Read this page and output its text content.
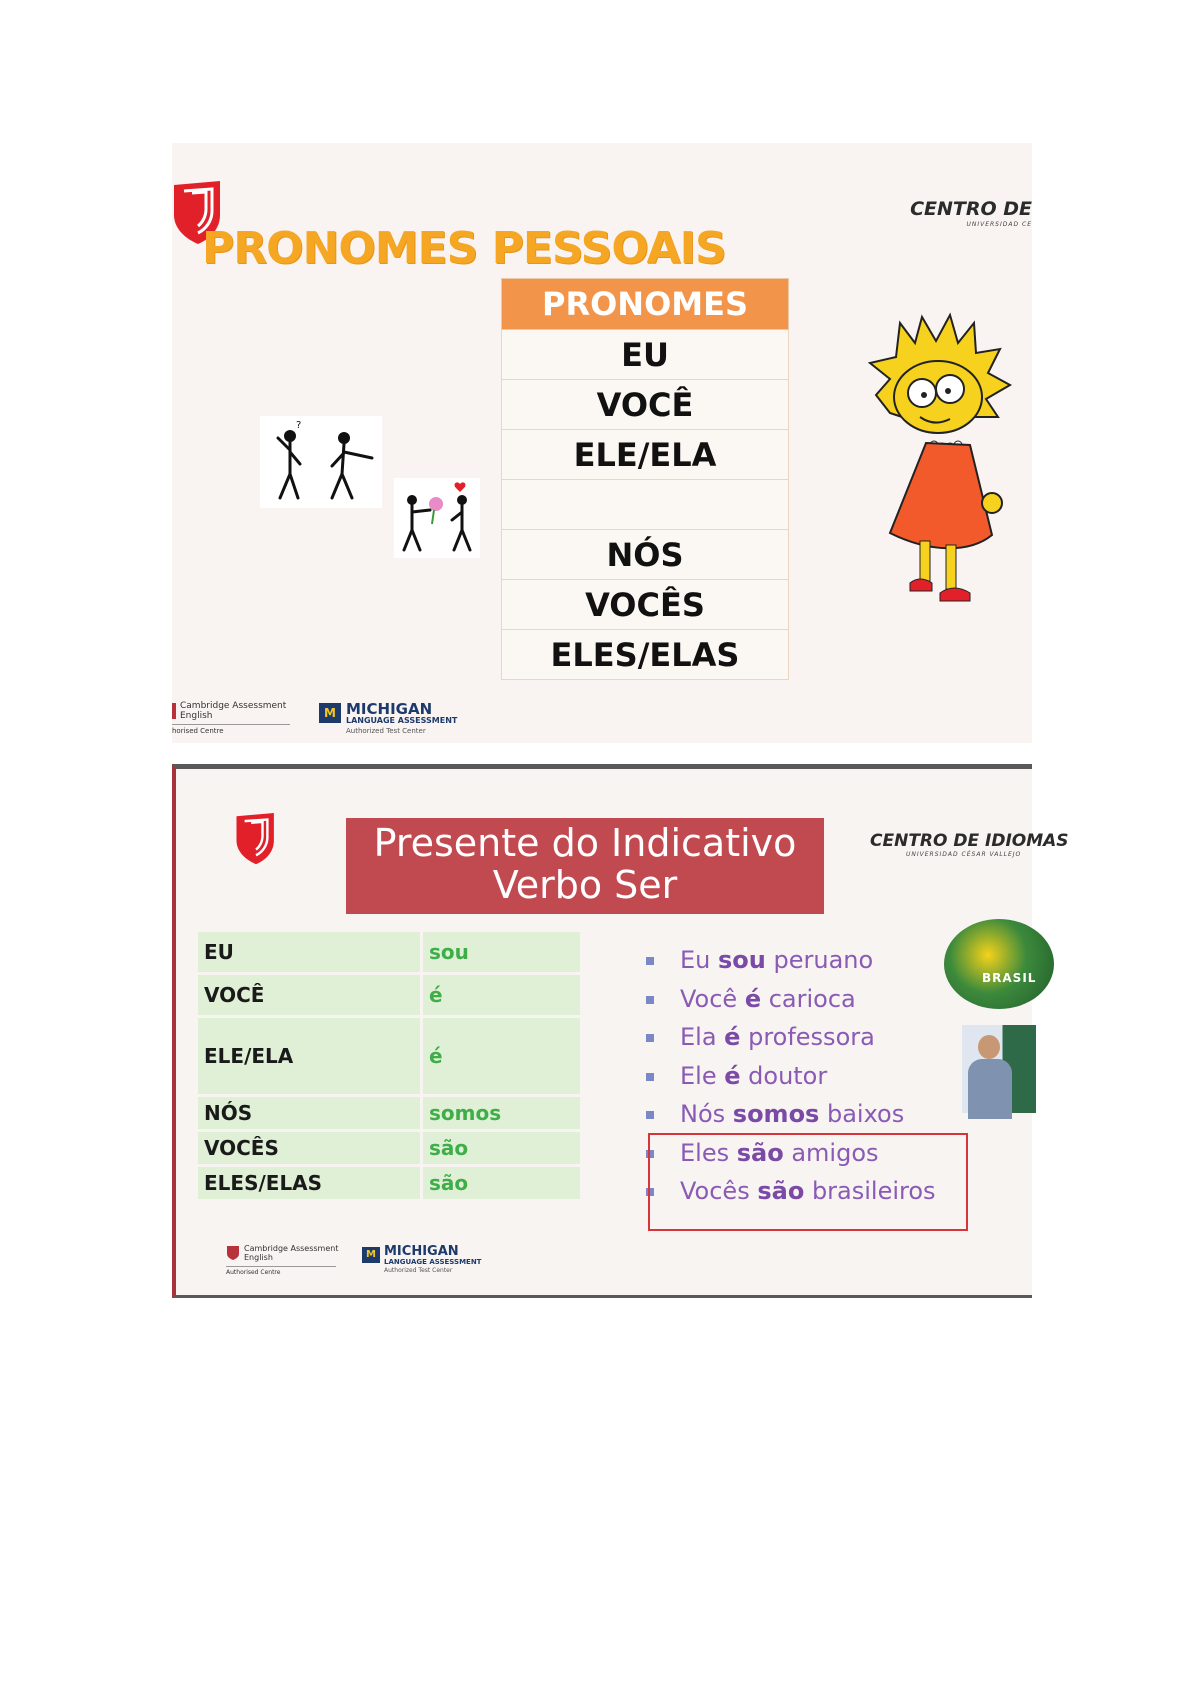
PRONOMES PESSOAIS
CENTRO DE
UNIVERSIDAD CE
PRONOMES
EU
VOCÊ
ELE/ELA

NÓS
VOCÊS
ELES/ELAS
?
Cambridge Assessment
English
horised Centre
M MICHIGAN
LANGUAGE ASSESSMENT
Authorized Test Center
Presente do Indicativo
Verbo Ser
CENTRO DE IDIOMAS
UNIVERSIDAD CÉSAR VALLEJO
EU	sou
VOCÊ	é
ELE/ELA	é
NÓS	somos
VOCÊS	são
ELES/ELAS	são
Eu sou peruano
Você é carioca
Ela é professora
Ele é doutor
Nós somos baixos
Eles são amigos
Vocês são brasileiros
BRASIL
Cambridge Assessment
English
Authorised Centre
M MICHIGAN
LANGUAGE ASSESSMENT
Authorized Test Center
